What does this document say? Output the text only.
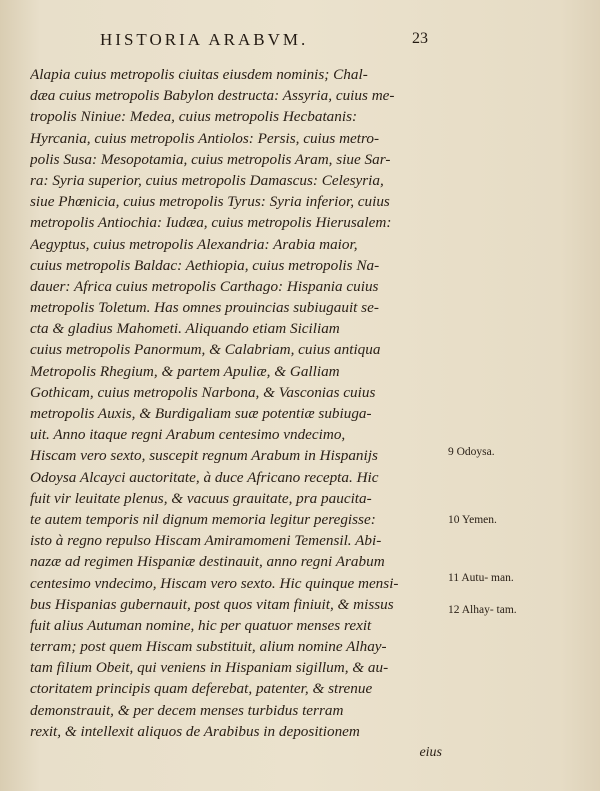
HISTORIA ARABVM.	23
Alapia cuius metropolis ciuitas eiusdem nominis; Chal-
dæa cuius metropolis Babylon destructa: Assyria, cuius me-
tropolis Niniue: Medea, cuius metropolis Hecbatanis:
Hyrcania, cuius metropolis Antiolos: Persis, cuius metro-
polis Susa: Mesopotamia, cuius metropolis Aram, siue Sar-
ra: Syria superior, cuius metropolis Damascus: Celesyria,
siue Phœnicia, cuius metropolis Tyrus: Syria inferior, cuius
metropolis Antiochia: Iudæa, cuius metropolis Hierusalem:
Aegyptus, cuius metropolis Alexandria: Arabia maior,
cuius metropolis Baldac: Aethiopia, cuius metropolis Na-
dauer: Africa cuius metropolis Carthago: Hispania cuius
metropolis Toletum. Has omnes prouincias subiugauit se-
cta & gladius Mahometi. Aliquando etiam Siciliam
cuius metropolis Panormum, & Calabriam, cuius antiqua
Metropolis Rhegium, & partem Apuliæ, & Galliam
Gothicam, cuius metropolis Narbona, & Vasconias cuius
metropolis Auxis, & Burdigaliam suæ potentiæ subiuga-
uit. Anno itaque regni Arabum centesimo vndecimo,
Hiscam vero sexto, suscepit regnum Arabum in Hispanijs
Odoysa Alcayci auctoritate, à duce Africano recepta. Hic
fuit vir leuitate plenus, & vacuus grauitate, pra paucita-
te autem temporis nil dignum memoria legitur peregisse:
isto à regno repulso Hiscam Amiramomeni Temensil. Abi-
nazæ ad regimen Hispaniæ destinauit, anno regni Arabum
centesimo vndecimo, Hiscam vero sexto. Hic quinque mensi-
bus Hispanias gubernauit, post quos vitam finiuit, & missus
fuit alius Autuman nomine, hic per quatuor menses rexit
terram; post quem Hiscam substituit, alium nomine Alhay-
tam filium Obeit, qui veniens in Hispaniam sigillum, & au-
ctoritatem principis quam deferebat, patenter, & strenue
demonstrauit, & per decem menses turbidus terram
rexit, & intellexit aliquos de Arabibus in depositionem
eius
9 Odoysa.
10 Yemen.
11 Autu- man.
12 Alhay- tam.
